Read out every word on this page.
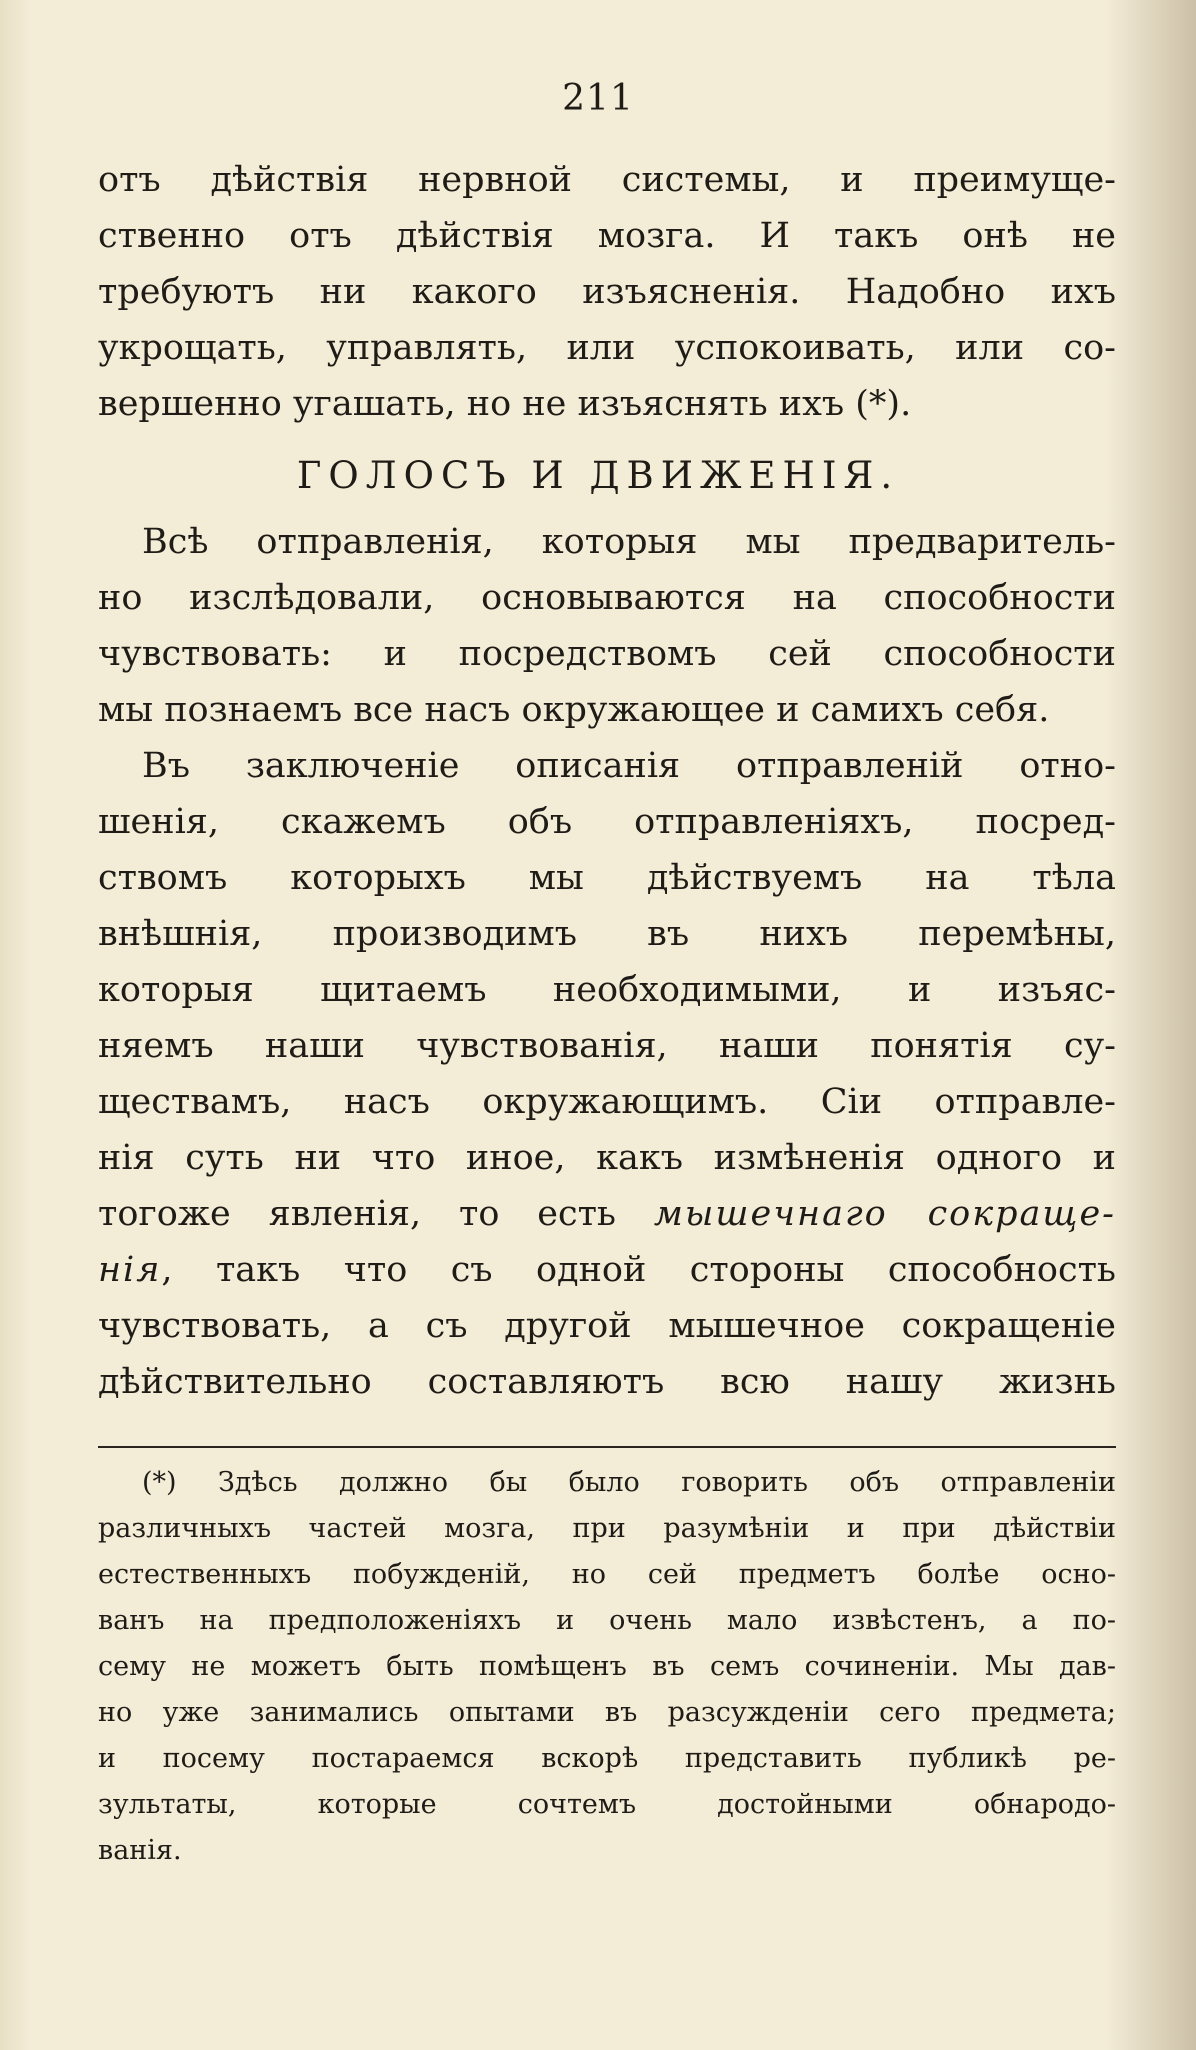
211
отъ дѣйствія нервной системы, и преимуще-
ственно отъ дѣйствія мозга. И такъ онѣ не
требуютъ ни какого изъясненія. Надобно ихъ
укрощать, управлять, или успокоивать, или со-
вершенно угашать, но не изъяснять ихъ (*).
ГОЛОСЪ И ДВИЖЕНІЯ.
Всѣ отправленія, которыя мы предваритель-
но изслѣдовали, основываются на способности
чувствовать: и посредствомъ сей способности
мы познаемъ все насъ окружающее и самихъ себя.
Въ заключеніе описанія отправленій отно-
шенія, скажемъ объ отправленіяхъ, посред-
ствомъ которыхъ мы дѣйствуемъ на тѣла
внѣшнія, производимъ въ нихъ перемѣны,
которыя щитаемъ необходимыми, и изъяс-
няемъ наши чувствованія, наши понятія су-
ществамъ, насъ окружающимъ. Сіи отправле-
нія суть ни что иное, какъ измѣненія одного и
тогоже явленія, то есть мышечнаго сокраще-
нія, такъ что съ одной стороны способность
чувствовать, а съ другой мышечное сокращеніе
дѣйствительно составляютъ всю нашу жизнь
(*) Здѣсь должно бы было говорить объ отправленіи
различныхъ частей мозга, при разумѣніи и при дѣйствіи
естественныхъ побужденій, но сей предметъ болѣе осно-
ванъ на предположеніяхъ и очень мало извѣстенъ, а по-
сему не можетъ быть помѣщенъ въ семъ сочиненіи. Мы дав-
но уже занимались опытами въ разсужденіи сего предмета;
и посему постараемся вскорѣ представить публикѣ ре-
зультаты, которые сочтемъ достойными обнародо-
ванія.
